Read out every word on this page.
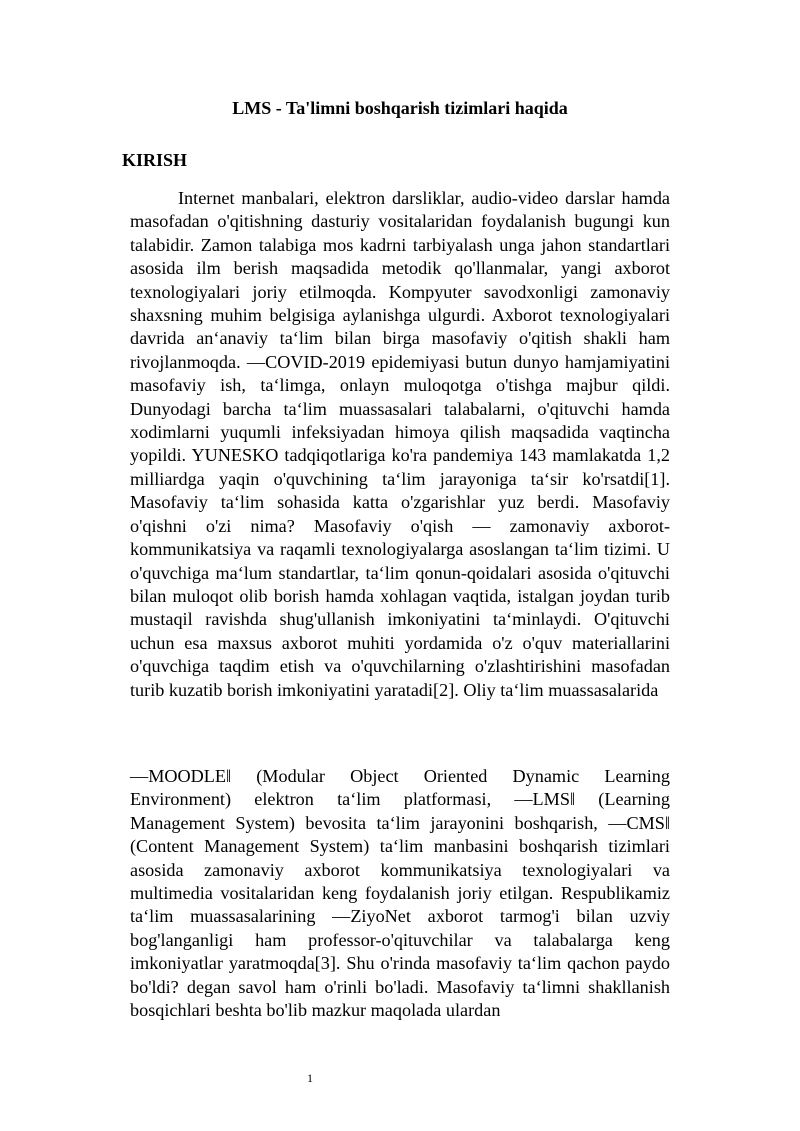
LMS - Ta'limni boshqarish tizimlari haqida
KIRISH

Internet manbalari, elektron darsliklar, audio-video darslar hamda masofadan o'qitishning dasturiy vositalaridan foydalanish bugungi kun talabidir. Zamon talabiga mos kadrni tarbiyalash unga jahon standartlari asosida ilm berish maqsadida metodik qo'llanmalar, yangi axborot texnologiyalari joriy etilmoqda. Kompyuter savodxonligi zamonaviy shaxsning muhim belgisiga aylanishga ulgurdi. Axborot texnologiyalari davrida an‘anaviy ta‘lim bilan birga masofaviy o'qitish shakli ham rivojlanmoqda. ―COVID-2019 epidemiyasi butun dunyo hamjamiyatini masofaviy ish, ta‘limga, onlayn muloqotga o'tishga majbur qildi. Dunyodagi barcha ta‘lim muassasalari talabalarni, o'qituvchi hamda xodimlarni yuqumli infeksiyadan himoya qilish maqsadida vaqtincha yopildi. YUNESKO tadqiqotlariga ko'ra pandemiya 143 mamlakatda 1,2 milliardga yaqin o'quvchining ta‘lim jarayoniga ta‘sir ko'rsatdi[1]. Masofaviy ta‘lim sohasida katta o'zgarishlar yuz berdi. Masofaviy o'qishni o'zi nima? Masofaviy o'qish — zamonaviy axborot-kommunikatsiya va raqamli texnologiyalarga asoslangan ta‘lim tizimi. U o'quvchiga ma‘lum standartlar, ta‘lim qonun-qoidalari asosida o'qituvchi bilan muloqot olib borish hamda xohlagan vaqtida, istalgan joydan turib mustaqil ravishda shug'ullanish imkoniyatini ta‘minlaydi. O'qituvchi uchun esa maxsus axborot muhiti yordamida o'z o'quv materiallarini o'quvchiga taqdim etish va o'quvchilarning o'zlashtirishini masofadan turib kuzatib borish imkoniyatini yaratadi[2]. Oliy ta‘lim muassasalarida

―MOODLE‖ (Modular Object Oriented Dynamic Learning Environment) elektron ta‘lim platformasi, ―LMS‖ (Learning Management System) bevosita ta‘lim jarayonini boshqarish, ―CMS‖ (Content Management System) ta‘lim manbasini boshqarish tizimlari asosida zamonaviy axborot kommunikatsiya texnologiyalari va multimedia vositalaridan keng foydalanish joriy etilgan. Respublikamiz ta‘lim muassasalarining ―ZiyoNet axborot tarmog'i bilan uzviy bog'langanligi ham professor-o'qituvchilar va talabalarga keng imkoniyatlar yaratmoqda[3]. Shu o'rinda masofaviy ta‘lim qachon paydo bo'ldi? degan savol ham o'rinli bo'ladi. Masofaviy ta‘limni shakllanish bosqichlari beshta bo'lib mazkur maqolada ulardan

1
